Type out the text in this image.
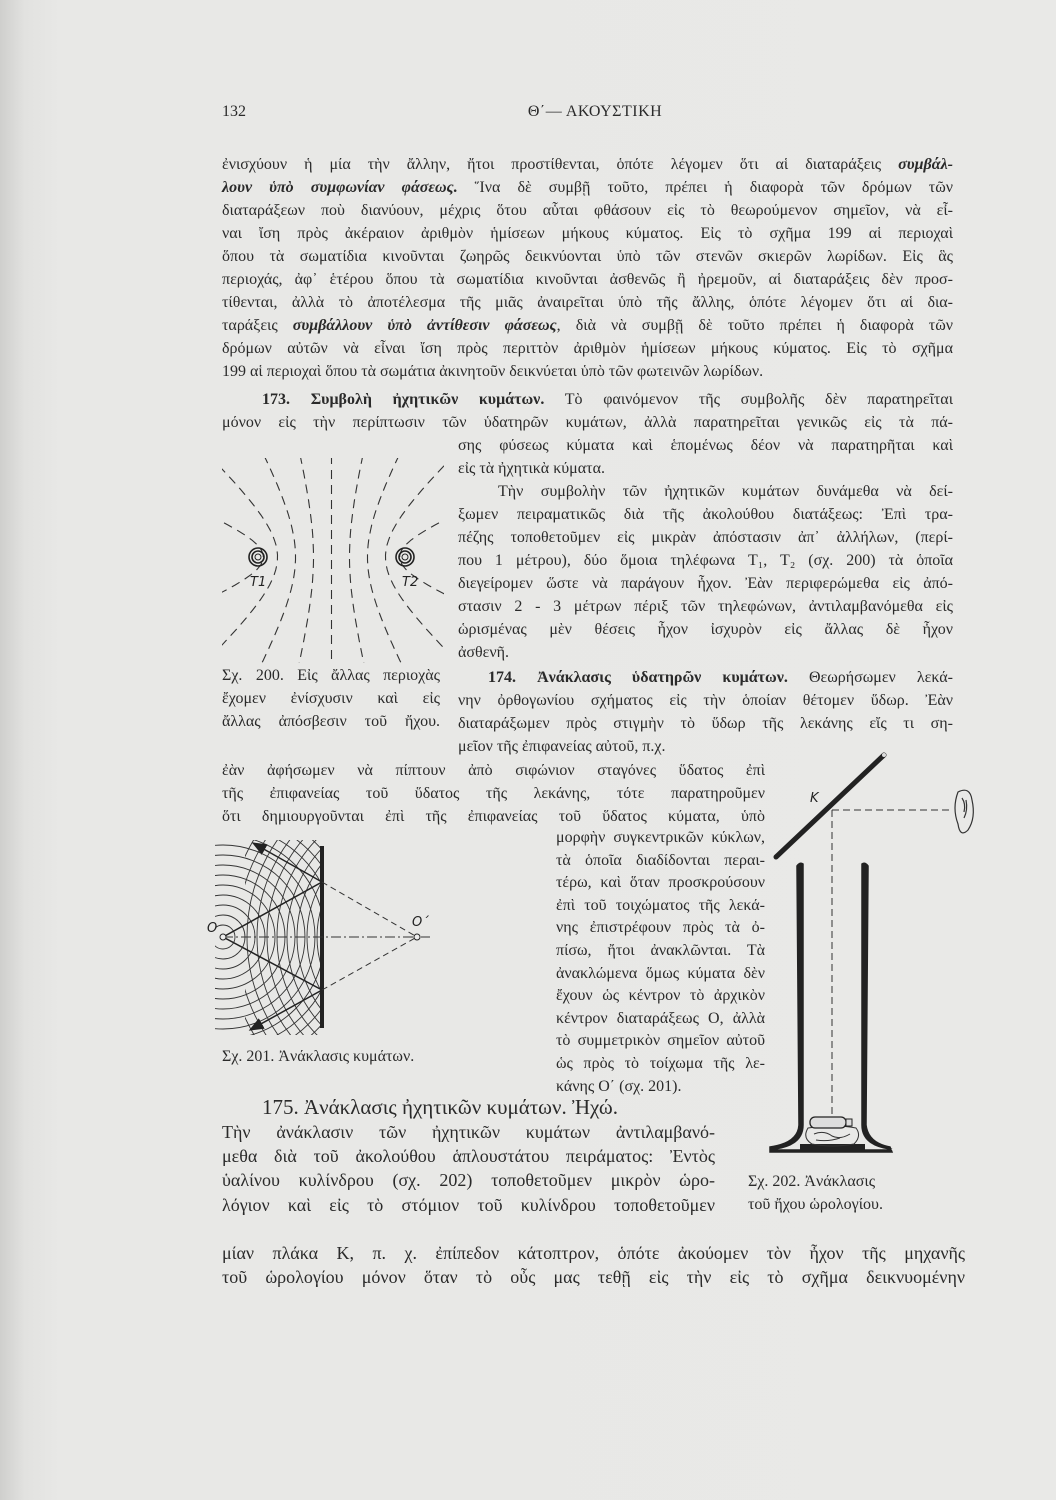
132	Θ΄— ΑΚΟΥΣΤΙΚΗ
ἐνισχύουν ἡ μία τὴν ἄλλην, ἤτοι προστίθενται, ὁπότε λέγομεν ὅτι αἱ διαταράξεις συμβάλ-
λουν ὑπὸ συμφωνίαν φάσεως. Ἵνα δὲ συμβῇ τοῦτο, πρέπει ἡ διαφορὰ τῶν δρόμων τῶν
διαταράξεων ποὺ διανύουν, μέχρις ὅτου αὗται φθάσουν εἰς τὸ θεωρούμενον σημεῖον, νὰ εἶ-
ναι ἴση πρὸς ἀκέραιον ἀριθμὸν ἡμίσεων μήκους κύματος. Εἰς τὸ σχῆμα 199 αἱ περιοχαὶ
ὅπου τὰ σωματίδια κινοῦνται ζωηρῶς δεικνύονται ὑπὸ τῶν στενῶν σκιερῶν λωρίδων. Εἰς ἃς
περιοχάς, ἀφ᾽ ἑτέρου ὅπου τὰ σωματίδια κινοῦνται ἀσθενῶς ἢ ἠρεμοῦν, αἱ διαταράξεις δὲν προσ-
τίθενται, ἀλλὰ τὸ ἀποτέλεσμα τῆς μιᾶς ἀναιρεῖται ὑπὸ τῆς ἄλλης, ὁπότε λέγομεν ὅτι αἱ δια-
ταράξεις συμβάλλουν ὑπὸ ἀντίθεσιν φάσεως, διὰ νὰ συμβῇ δὲ τοῦτο πρέπει ἡ διαφορὰ τῶν
δρόμων αὐτῶν νὰ εἶναι ἴση πρὸς περιττὸν ἀριθμὸν ἡμίσεων μήκους κύματος. Εἰς τὸ σχῆμα
199 αἱ περιοχαὶ ὅπου τὰ σωμάτια ἀκινητοῦν δεικνύεται ὑπὸ τῶν φωτεινῶν λωρίδων.
173. Συμβολὴ ἠχητικῶν κυμάτων. Τὸ φαινόμενον τῆς συμβολῆς δὲν παρατηρεῖται
μόνον εἰς τὴν περίπτωσιν τῶν ὑδατηρῶν κυμάτων, ἀλλὰ παρατηρεῖται γενικῶς εἰς τὰ πά-
σης φύσεως κύματα καὶ ἑπομένως δέον νὰ παρατηρῆται καὶ
εἰς τὰ ἠχητικὰ κύματα.
Τὴν συμβολὴν τῶν ἠχητικῶν κυμάτων δυνάμεθα νὰ δεί-
ξωμεν πειραματικῶς διὰ τῆς ἀκολούθου διατάξεως: Ἐπὶ τρα-
πέζης τοποθετοῦμεν εἰς μικρὰν ἀπόστασιν ἀπ᾽ ἀλλήλων, (περί-
που 1 μέτρου), δύο ὅμοια τηλέφωνα T₁, T₂ (σχ. 200) τὰ ὁποῖα
διεγείρομεν ὥστε νὰ παράγουν ἦχον. Ἐὰν περιφερώμεθα εἰς ἀπό-
στασιν 2 - 3 μέτρων πέριξ τῶν τηλεφώνων, ἀντιλαμβανόμεθα εἰς
ὡρισμένας μὲν θέσεις ἦχον ἰσχυρὸν εἰς ἄλλας δὲ ἦχον
ἀσθενῆ.
174. Ἀνάκλασις ὑδατηρῶν κυμάτων. Θεωρήσωμεν λεκά-
νην ὀρθογωνίου σχήματος εἰς τὴν ὁποίαν θέτομεν ὕδωρ. Ἐὰν
διαταράξωμεν πρὸς στιγμὴν τὸ ὕδωρ τῆς λεκάνης εἴς τι ση-
μεῖον τῆς ἐπιφανείας αὐτοῦ, π.χ.
ἐὰν ἀφήσωμεν νὰ πίπτουν ἀπὸ σιφώνιον σταγόνες ὕδατος ἐπὶ
τῆς ἐπιφανείας τοῦ ὕδατος τῆς λεκάνης, τότε παρατηροῦμεν
ὅτι δημιουργοῦνται ἐπὶ τῆς ἐπιφανείας τοῦ ὕδατος κύματα, ὑπὸ
μορφὴν συγκεντρικῶν κύκλων,
τὰ ὁποῖα διαδίδονται περαι-
τέρω, καὶ ὅταν προσκρούσουν
ἐπὶ τοῦ τοιχώματος τῆς λεκά-
νης ἐπιστρέφουν πρὸς τὰ ὀ-
πίσω, ἤτοι ἀνακλῶνται. Τὰ
ἀνακλώμενα ὅμως κύματα δὲν
ἔχουν ὡς κέντρον τὸ ἀρχικὸν
κέντρον διαταράξεως Ο, ἀλλὰ
τὸ συμμετρικὸν σημεῖον αὐτοῦ
ὡς πρὸς τὸ τοίχωμα τῆς λε-
κάνης Ο΄ (σχ. 201).
175. Ἀνάκλασις ἠχητικῶν κυμάτων. Ἠχώ.
Τὴν ἀνάκλασιν τῶν ἠχητικῶν κυμάτων ἀντιλαμβανό-
μεθα διὰ τοῦ ἀκολούθου ἁπλουστάτου πειράματος: Ἐντὸς
ὑαλίνου κυλίνδρου (σχ. 202) τοποθετοῦμεν μικρὸν ὡρο-
λόγιον καὶ εἰς τὸ στόμιον τοῦ κυλίνδρου τοποθετοῦμεν
μίαν πλάκα Κ, π. χ. ἐπίπεδον κάτοπτρον, ὁπότε ἀκούομεν τὸν ἦχον τῆς μηχανῆς
τοῦ ὡρολογίου μόνον ὅταν τὸ οὖς μας τεθῇ εἰς τὴν εἰς τὸ σχῆμα δεικνυομένην
Σχ. 200. Εἰς ἄλλας περιοχὰς
ἔχομεν ἐνίσχυσιν καὶ εἰς
ἄλλας ἀπόσβεσιν τοῦ ἤχου.
Σχ. 201. Ἀνάκλασις κυμάτων.
Σχ. 202. Ἀνάκλασις
τοῦ ἤχου ὡρολογίου.
T1	T2
O	O΄
K
